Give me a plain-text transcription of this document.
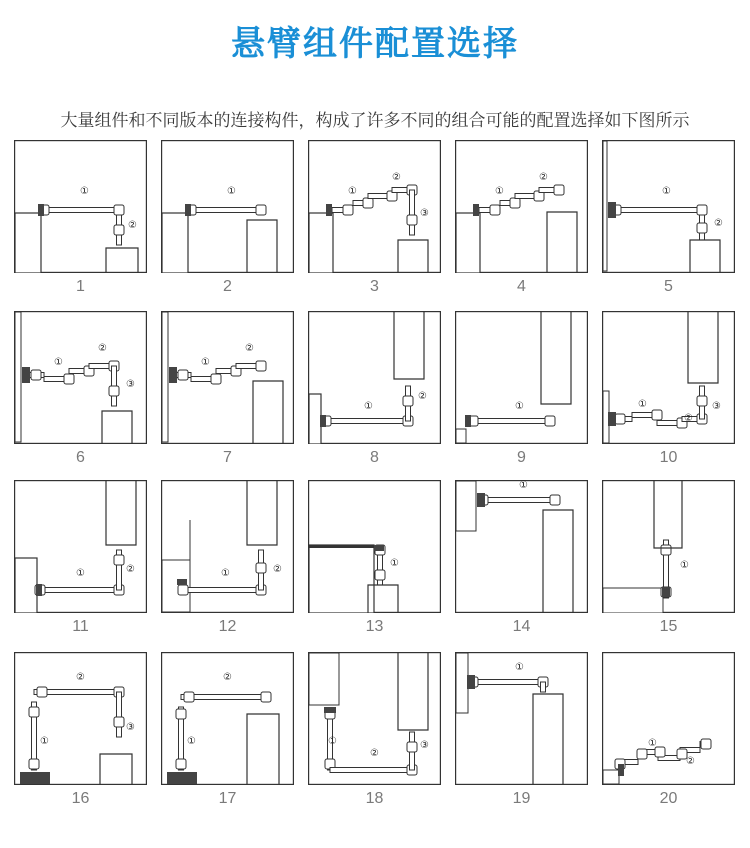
悬臂组件配置选择
大量组件和不同版本的连接构件，构成了许多不同的组合可能的配置选择如下图所示
①
②
1
①
2
①
②
③
3
①
②
4
①
②
5
①
②
③
6
①
②
7
①
②
8
①
9
①
②
③
10
①	②
11
①	②
12
①
13
①
14
①
15
①
②
③
16
①
②
17
①
②
③
18
①
19
①
②
20
